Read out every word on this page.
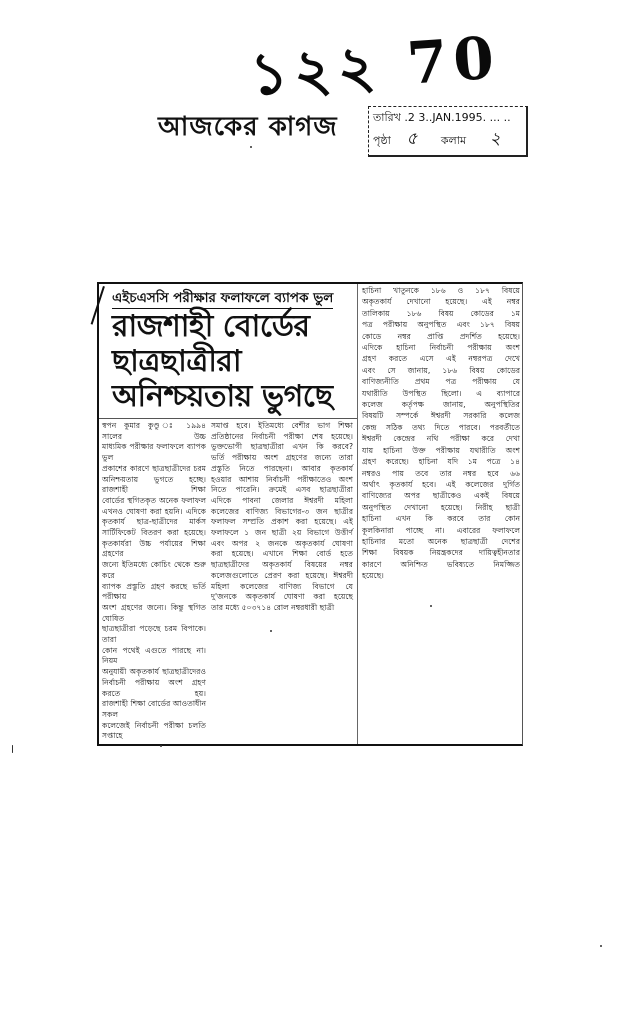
১২২ 70
আজকের কাগজ	তারিখ .2 3..JAN.1995. ... ..
পৃষ্ঠা ৫ কলাম ২
এইচএসসি পরীক্ষার ফলাফলে ব্যাপক ভুল
রাজশাহী বোর্ডের ছাত্রছাত্রীরা
অনিশ্চয়তায় ভুগছে
স্বপন কুমার কুণ্ডু ঃ ১৯৯৪ সালের উচ্চ
মাধ্যমিক পরীক্ষার ফলাফলে ব্যাপক ভুল
প্রকাশের কারণে ছাত্রছাত্রীদের চরম
অনিশ্চয়তায় ভুগতে হচ্ছে। রাজশাহী শিক্ষা
বোর্ডের স্থগিতকৃত অনেক ফলাফল
এখনও ঘোষণা করা হয়নি। এদিকে
কৃতকার্য ছাত্র-ছাত্রীদের মার্কস
সার্টিফিকেট বিতরণ করা হয়েছে।
কৃতকার্যরা উচ্চ পর্যায়ের শিক্ষা গ্রহণের
জন্যে ইতিমধ্যে কোচিং থেকে শুরু করে
ব্যাপক প্রস্তুতি গ্রহণ করছে ভর্তি পরীক্ষায়
অংশ গ্রহণের জন্যে। কিন্তু স্থগিত ঘোষিত
ছাত্রছাত্রীরা পড়েছে চরম বিপাকে। তারা
কোন পথেই এগুতে পারছে না। নিয়ম
অনুযায়ী অকৃতকার্য ছাত্রছাত্রীদেরও
নির্বাচনী পরীক্ষায় অংশ গ্রহণ করতে হয়।
রাজশাহী শিক্ষা বোর্ডের আওতাধীন সকল
কলেজেই নির্বাচনী পরীক্ষা চলতি সপ্তাহে
সমাপ্ত হবে। ইতিমধ্যে বেশীর ভাগ শিক্ষা
প্রতিষ্ঠানের নির্বাচনী পরীক্ষা শেষ হয়েছে।
ভুক্তভোগী ছাত্রছাত্রীরা এখন কি করবে?
ভর্তি পরীক্ষায় অংশ গ্রহণের জন্যে তারা
প্রস্তুতি নিতে পারছেনা। আবার কৃতকার্য
হওয়ার আশায় নির্বাচনী পরীক্ষাতেও অংশ
নিতে পারেনি। ক্রমেই এসব ছাত্রছাত্রীরা
এদিকে পাবনা জেলার ঈশ্বরদী মহিলা
কলেজের বাণিজ্য বিভাগের-৩ জন ছাত্রীর
ফলাফল সম্প্রতি প্রকাশ করা হয়েছে। এই
ফলাফলে ১ জন ছাত্রী ২য় বিভাগে উত্তীর্ণ
এবং অপর ২ জনকে অকৃতকার্য ঘোষণা
করা হয়েছে। এখানে শিক্ষা বোর্ড হতে
ছাত্রছাত্রীদের অকৃতকার্য বিষয়ের নম্বর
কলেজগুলোতে প্রেরণ করা হয়েছে। ঈশ্বরদী
মহিলা কলেজের বাণিজ্য বিভাগে যে
দু'জনকে অকৃতকার্য ঘোষণা করা হয়েছে
তার মধ্যে ৫০৩৭১৪ রোল নম্বরধারী ছাত্রী
হাচিনা খাতুনকে ১৮৬ ও ১৮৭ বিষয়ে
অকৃতকার্য দেখানো হয়েছে। এই নম্বর
তালিকায় ১৮৬ বিষয় কোডের ১ম
পত্র পরীক্ষায় অনুপস্থিত এবং ১৮৭ বিষয়
কোডে নম্বর প্রাপ্তি প্রদর্শিত হয়েছে।
এদিকে হাচিনা নির্বাচনী পরীক্ষায় অংশ
গ্রহণ করতে এসে এই নম্বরপত্র দেখে
এবং সে জানায়, ১৮৬ বিষয় কোডের
বাণিজ্যনীতি প্রথম পত্র পরীক্ষায় যে
যথারীতি উপস্থিত ছিলো। এ ব্যাপারে
কলেজ কর্তৃপক্ষ জানায়, অনুপস্থিতির
বিষয়টি সম্পর্কে ঈশ্বরদী সরকারি কলেজ
কেন্দ্র সঠিক তথ্য দিতে পারবে। পরবর্তীতে
ঈশ্বরদী কেন্দ্রের নথি পরীক্ষা করে দেখা
যায় হাচিনা উক্ত পরীক্ষায় যথারীতি অংশ
গ্রহণ করেছে। হাচিনা যদি ১ম পত্রে ১৪
নম্বরও পায় তবে তার নম্বর হবে ৬৬
অর্থাৎ কৃতকার্য হবে। এই কলেজের দুর্গিত
বাণিজ্যের অপর ছাত্রীকেও একই বিষয়ে
অনুপস্থিত দেখানো হয়েছে। নিরীহ ছাত্রী
হাচিনা এখন কি করবে তার কোন
কূলকিনারা পাচ্ছে না। এবারের ফলাফলে
হাচিনার মতো অনেক ছাত্রছাত্রী দেশের
শিক্ষা বিষয়ক নিয়ন্ত্রকদের দায়িত্বহীনতার
কারণে অনিশ্চিত ভবিষ্যতে নিমজ্জিত
হয়েছে।
